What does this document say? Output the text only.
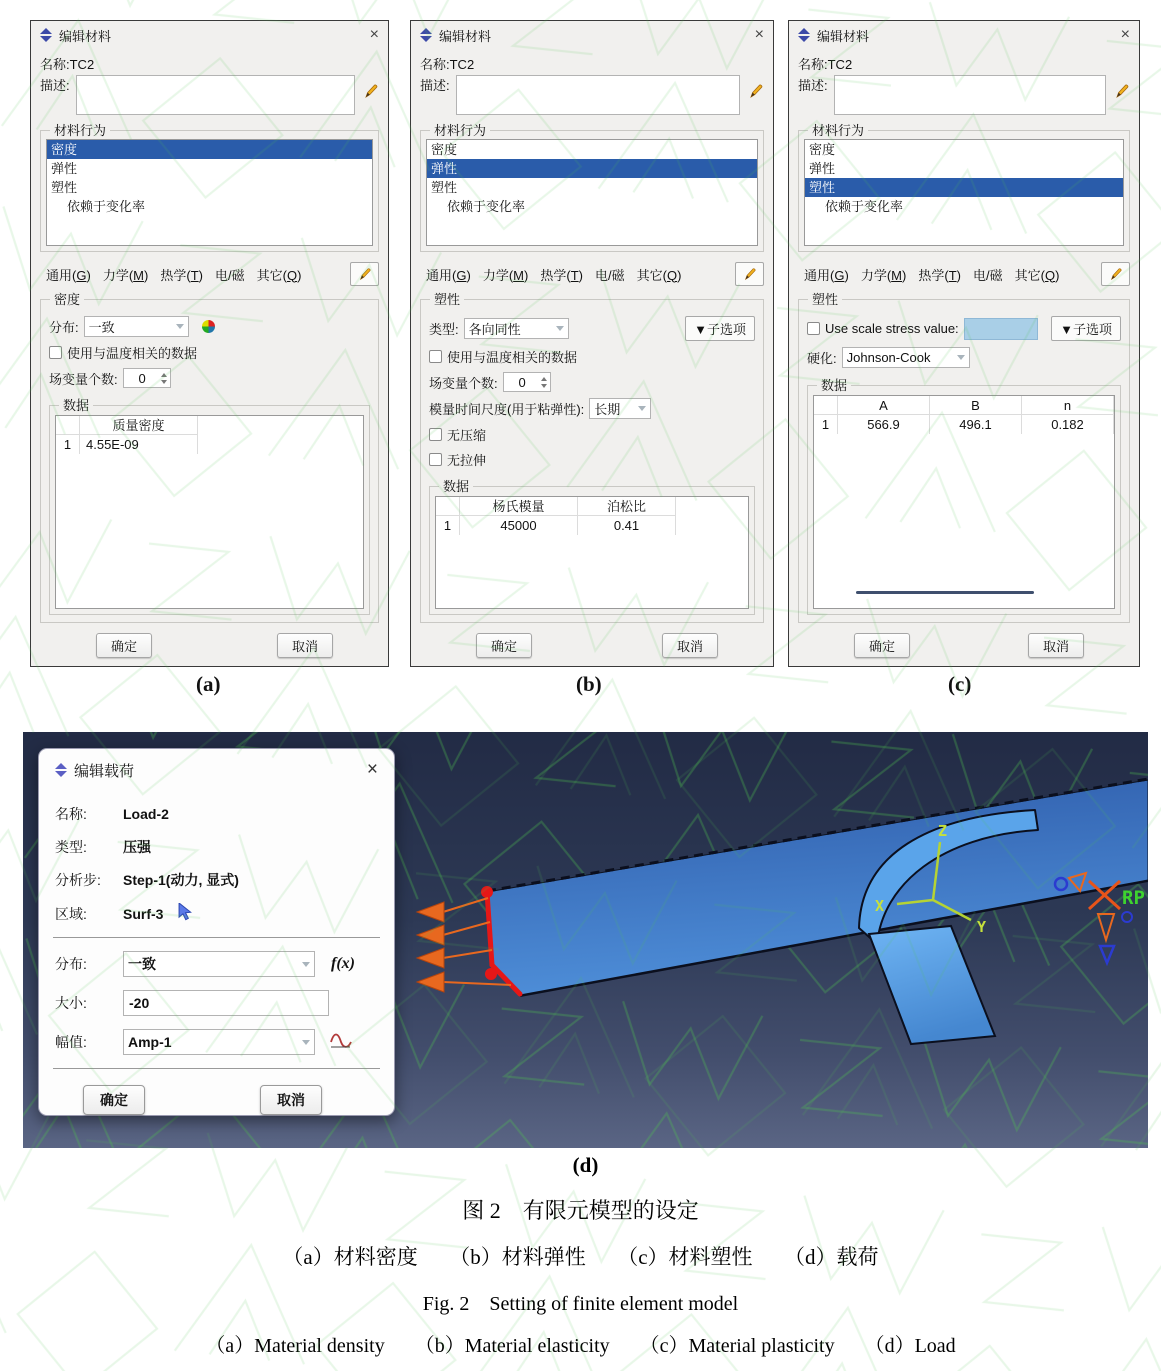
编辑材料	×
名称:TC2
描述:
材料行为
密度
弹性
塑性
依赖于变化率
通用(G) 力学(M) 热学(T) 电/磁 其它(Q)
密度
分布: 一致
使用与温度相关的数据
场变量个数:	0
数据
质量密度
1	4.55E-09
确定	取消
编辑材料	×
名称:TC2
描述:
材料行为
密度
弹性
塑性
依赖于变化率
通用(G) 力学(M) 热学(T) 电/磁 其它(Q)
塑性
类型: 各向同性	▼子选项
使用与温度相关的数据
场变量个数:	0
模量时间尺度(用于粘弹性): 长期
无压缩
无拉伸
数据
杨氏模量	泊松比
1	45000	0.41
确定	取消
编辑材料	×
名称:TC2
描述:
材料行为
密度
弹性
塑性
依赖于变化率
通用(G) 力学(M) 热学(T) 电/磁 其它(Q)
塑性
Use scale stress value:	▼子选项
硬化: Johnson-Cook
数据
A	B	n
1	566.9	496.1	0.182
确定	取消
(a)	(b)	(c)
Z
X
Y
RP
编辑载荷	×
名称:	Load-2
类型:	压强
分析步:	Step-1(动力, 显式)
区域:	Surf-3
分布:	一致	f(x)
大小:	-20
幅值:	Amp-1
确定	取消
(d)
图 2　有限元模型的设定
（a）材料密度　　（b）材料弹性　　（c）材料塑性　　（d）载荷
Fig. 2　Setting of finite element model
（a）Material density　　（b）Material elasticity　　（c）Material plasticity　　（d）Load
